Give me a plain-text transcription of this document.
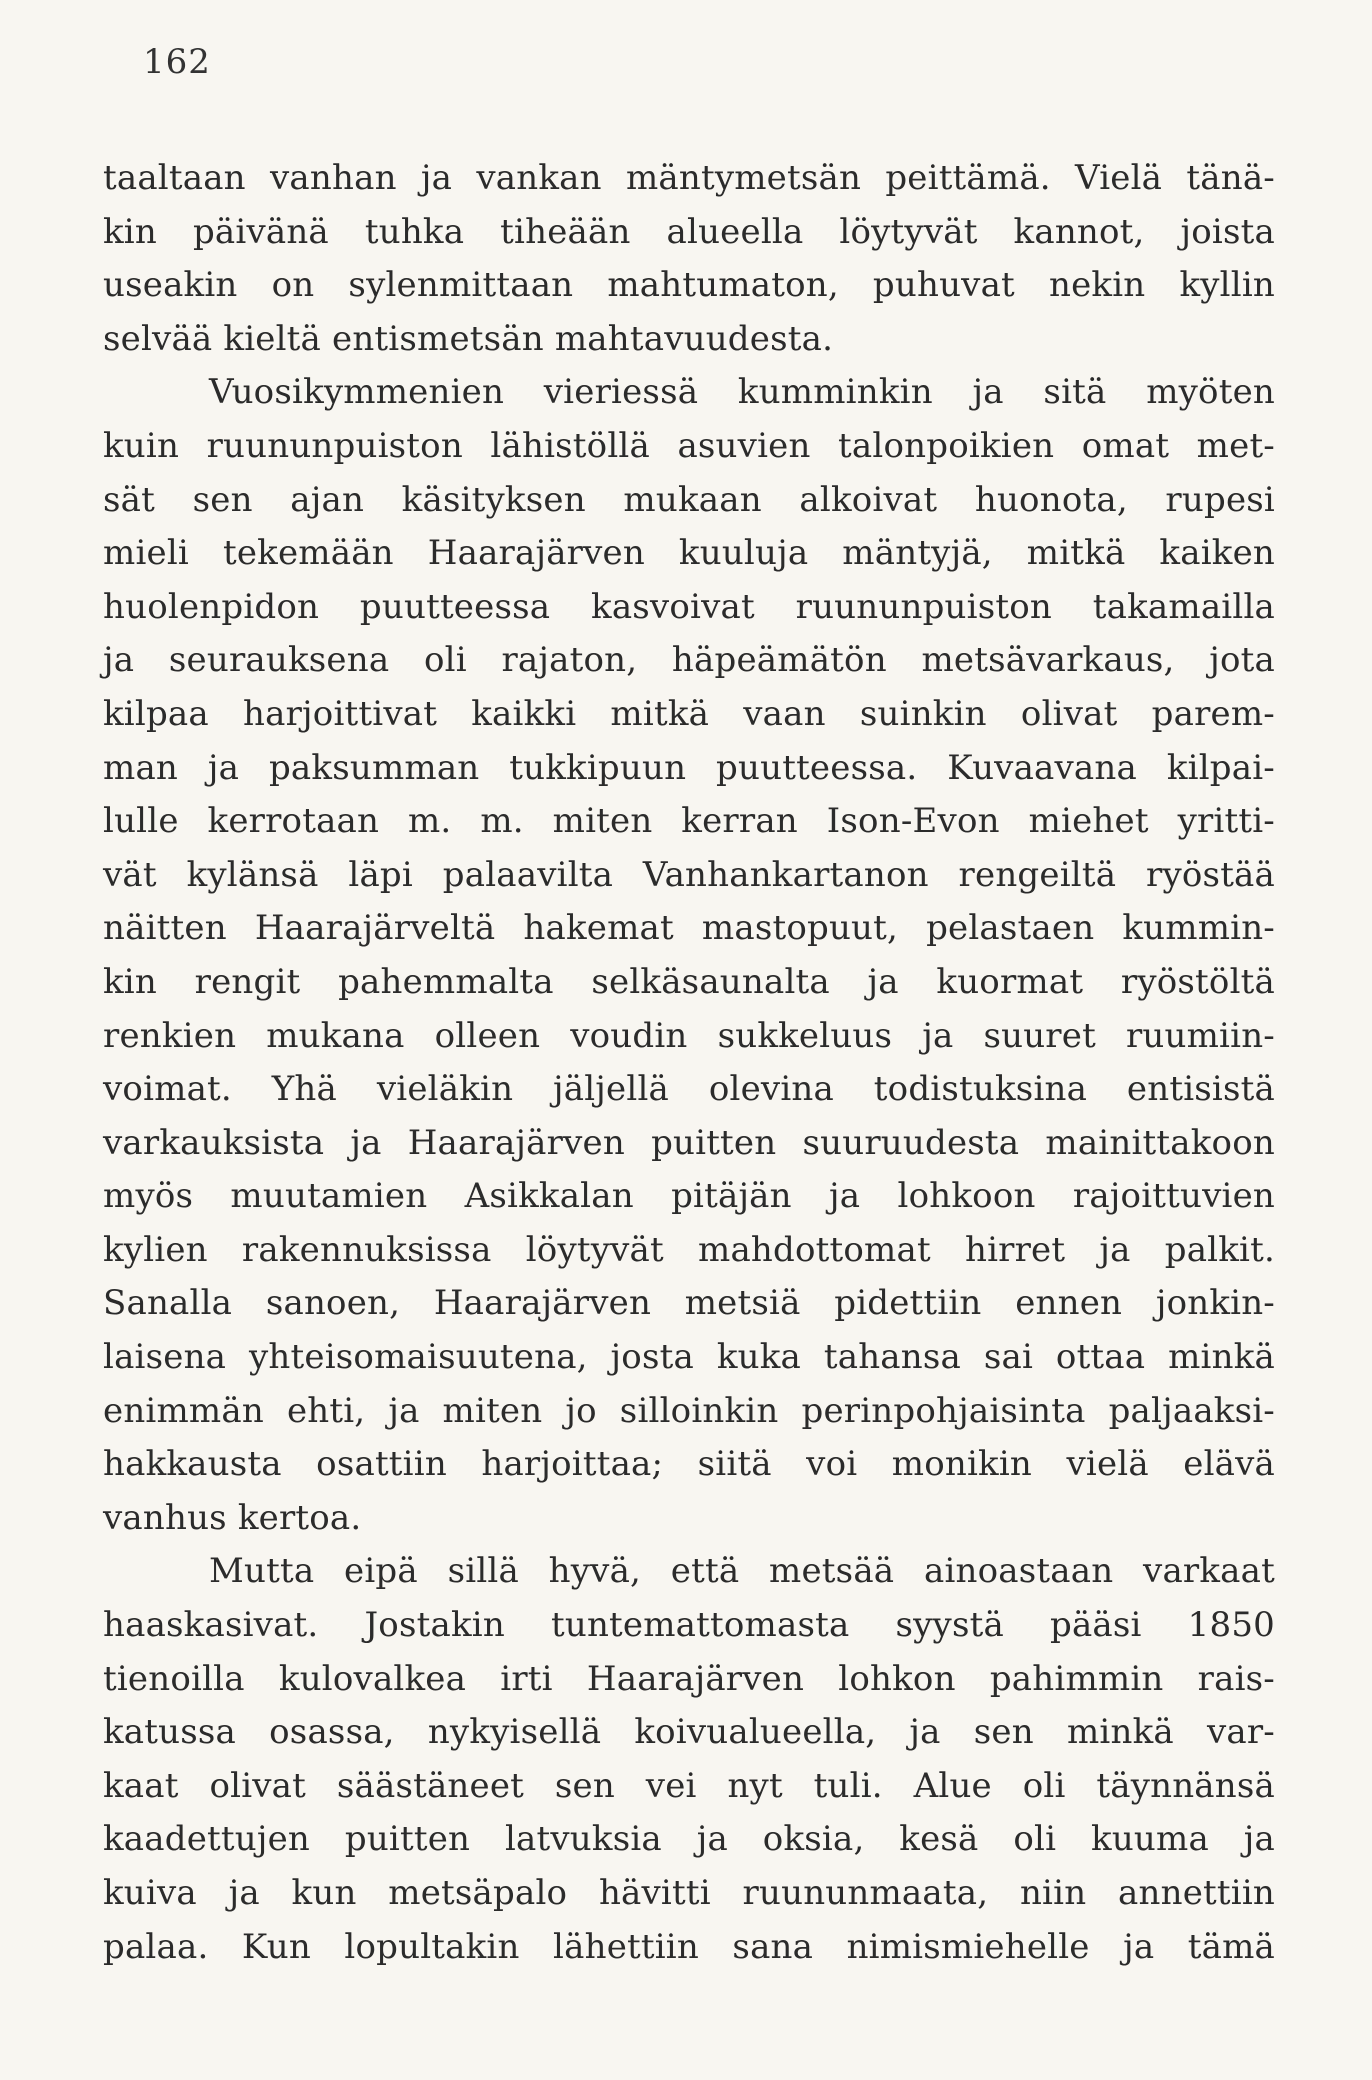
162
taaltaan vanhan ja vankan mäntymetsän peittämä. Vielä tänä-
kin päivänä tuhka tiheään alueella löytyvät kannot, joista
useakin on sylenmittaan mahtumaton, puhuvat nekin kyllin
selvää kieltä entismetsän mahtavuudesta.
Vuosikymmenien vieriessä kumminkin ja sitä myöten
kuin ruununpuiston lähistöllä asuvien talonpoikien omat met-
sät sen ajan käsityksen mukaan alkoivat huonota, rupesi
mieli tekemään Haarajärven kuuluja mäntyjä, mitkä kaiken
huolenpidon puutteessa kasvoivat ruununpuiston takamailla
ja seurauksena oli rajaton, häpeämätön metsävarkaus, jota
kilpaa harjoittivat kaikki mitkä vaan suinkin olivat parem-
man ja paksumman tukkipuun puutteessa. Kuvaavana kilpai-
lulle kerrotaan m. m. miten kerran Ison-Evon miehet yritti-
vät kylänsä läpi palaavilta Vanhankartanon rengeiltä ryöstää
näitten Haarajärveltä hakemat mastopuut, pelastaen kummin-
kin rengit pahemmalta selkäsaunalta ja kuormat ryöstöltä
renkien mukana olleen voudin sukkeluus ja suuret ruumiin-
voimat. Yhä vieläkin jäljellä olevina todistuksina entisistä
varkauksista ja Haarajärven puitten suuruudesta mainittakoon
myös muutamien Asikkalan pitäjän ja lohkoon rajoittuvien
kylien rakennuksissa löytyvät mahdottomat hirret ja palkit.
Sanalla sanoen, Haarajärven metsiä pidettiin ennen jonkin-
laisena yhteisomaisuutena, josta kuka tahansa sai ottaa minkä
enimmän ehti, ja miten jo silloinkin perinpohjaisinta paljaaksi-
hakkausta osattiin harjoittaa; siitä voi monikin vielä elävä
vanhus kertoa.
Mutta eipä sillä hyvä, että metsää ainoastaan varkaat
haaskasivat. Jostakin tuntemattomasta syystä pääsi 1850
tienoilla kulovalkea irti Haarajärven lohkon pahimmin rais-
katussa osassa, nykyisellä koivualueella, ja sen minkä var-
kaat olivat säästäneet sen vei nyt tuli. Alue oli täynnänsä
kaadettujen puitten latvuksia ja oksia, kesä oli kuuma ja
kuiva ja kun metsäpalo hävitti ruununmaata, niin annettiin
palaa. Kun lopultakin lähettiin sana nimismiehelle ja tämä
